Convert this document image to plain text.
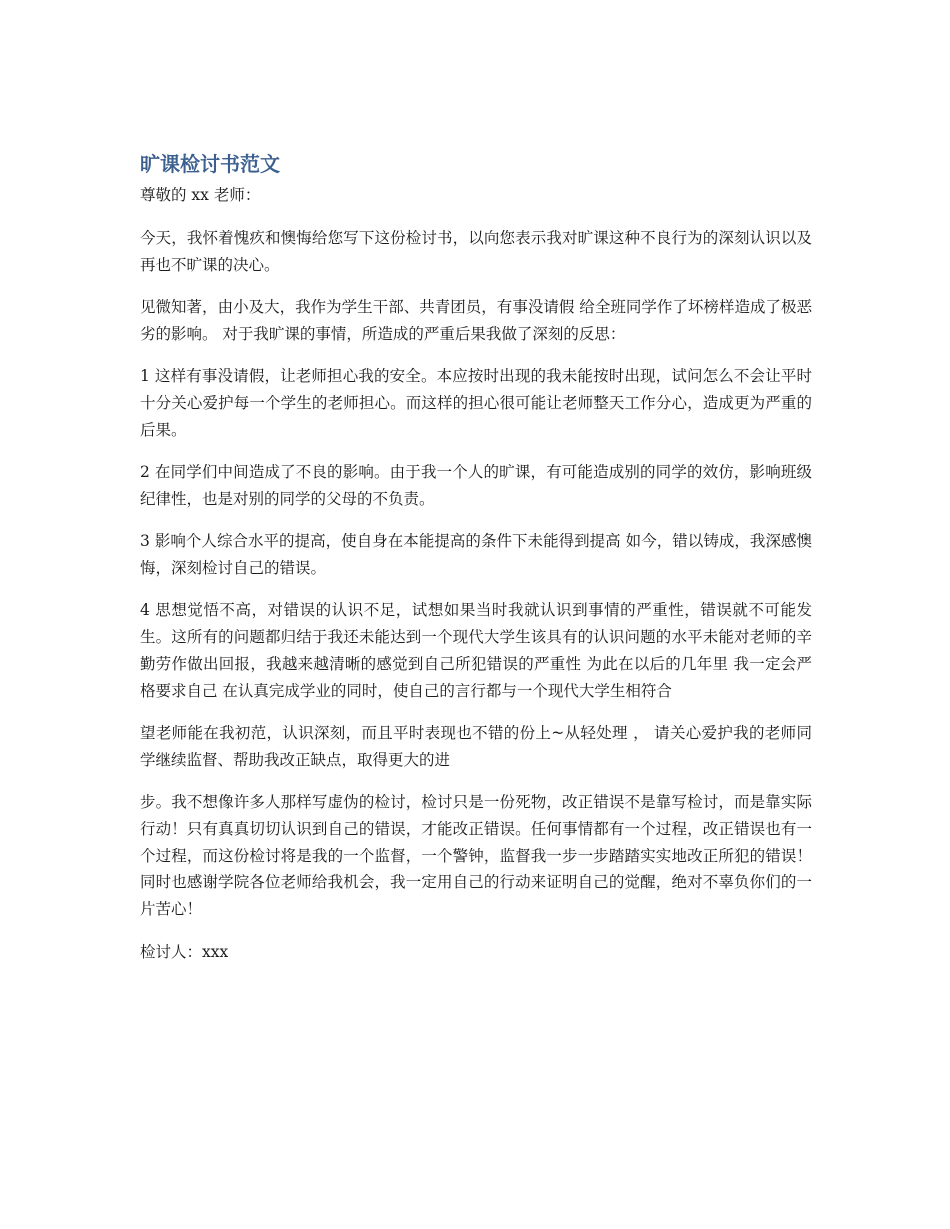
旷课检讨书范文

尊敬的 xx 老师：

今天，我怀着愧疚和懊悔给您写下这份检讨书，以向您表示我对旷课这种不良行为的深刻认识以及再也不旷课的决心。

见微知著，由小及大，我作为学生干部、共青团员，有事没请假 给全班同学作了坏榜样造成了极恶劣的影响。 对于我旷课的事情，所造成的严重后果我做了深刻的反思：

1 这样有事没请假，让老师担心我的安全。本应按时出现的我未能按时出现，试问怎么不会让平时十分关心爱护每一个学生的老师担心。而这样的担心很可能让老师整天工作分心，造成更为严重的后果。

2 在同学们中间造成了不良的影响。由于我一个人的旷课，有可能造成别的同学的效仿，影响班级纪律性，也是对别的同学的父母的不负责。

3 影响个人综合水平的提高，使自身在本能提高的条件下未能得到提高 如今，错以铸成，我深感懊悔，深刻检讨自己的错误。

4 思想觉悟不高，对错误的认识不足，试想如果当时我就认识到事情的严重性，错误就不可能发生。这所有的问题都归结于我还未能达到一个现代大学生该具有的认识问题的水平未能对老师的辛勤劳作做出回报，我越来越清晰的感觉到自己所犯错误的严重性 为此在以后的几年里 我一定会严格要求自己 在认真完成学业的同时，使自己的言行都与一个现代大学生相符合

望老师能在我初范，认识深刻，而且平时表现也不错的份上~从轻处理 ， 请关心爱护我的老师同学继续监督、帮助我改正缺点，取得更大的进

步。我不想像许多人那样写虚伪的检讨，检讨只是一份死物，改正错误不是靠写检讨，而是靠实际行动！只有真真切切认识到自己的错误，才能改正错误。任何事情都有一个过程，改正错误也有一个过程，而这份检讨将是我的一个监督，一个警钟，监督我一步一步踏踏实实地改正所犯的错误！同时也感谢学院各位老师给我机会，我一定用自己的行动来证明自己的觉醒，绝对不辜负你们的一片苦心！

检讨人：xxx
